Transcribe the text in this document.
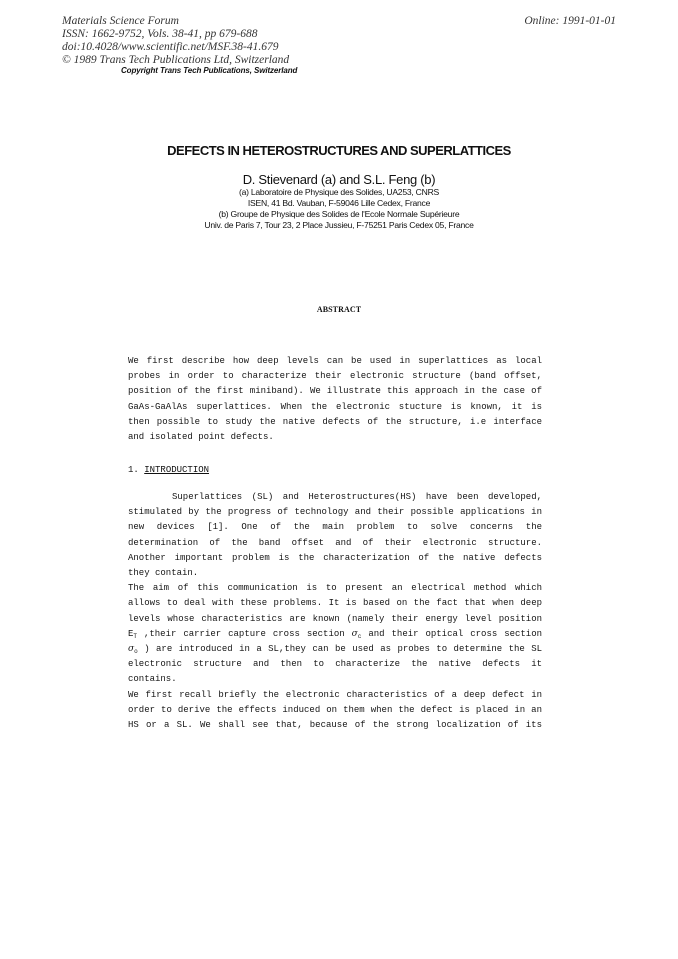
Materials Science Forum
ISSN: 1662-9752, Vols. 38-41, pp 679-688
doi:10.4028/www.scientific.net/MSF.38-41.679
© 1989 Trans Tech Publications Ltd, Switzerland
Online: 1991-01-01
Copyright Trans Tech Publications, Switzerland
DEFECTS IN HETEROSTRUCTURES AND SUPERLATTICES
D. Stievenard (a) and S.L. Feng (b)
(a) Laboratoire de Physique des Solides, UA253, CNRS
ISEN, 41 Bd. Vauban, F-59046 Lille Cedex, France
(b) Groupe de Physique des Solides de l'Ecole Normale Supérieure
Univ. de Paris 7, Tour 23, 2 Place Jussieu, F-75251 Paris Cedex 05, France
ABSTRACT
We first describe how deep levels can be used in superlattices as local
probes in order to characterize their electronic structure (band offset,
position of the first miniband). We illustrate this approach in the case of
GaAs-GaAlAs superlattices. When the electronic stucture is known, it is
then possible to study the native defects of the structure, i.e interface
and isolated point defects.
1. INTRODUCTION
Superlattices (SL) and Heterostructures(HS) have been developed,
stimulated by the progress of technology and their possible applications in
new devices [1]. One of the main problem to solve concerns the
determination of the band offset and of their electronic structure.
Another important problem is the characterization of the native defects
they contain.
The aim of this communication is to present an electrical method which
allows to deal with these problems. It is based on the fact that when deep
levels whose characteristics are known (namely their energy level position
$E_T$ ,their carrier capture cross section $\sigma_c$ and their optical cross section
$\sigma_o$ ) are introduced in a SL,they can be used as probes to determine the SL
electronic structure and then to characterize the native defects it
contains.
We first recall briefly the electronic characteristics of a deep defect in
order to derive the effects induced on them when the defect is placed in an
HS or a SL. We shall see that, because of the strong localization of its
